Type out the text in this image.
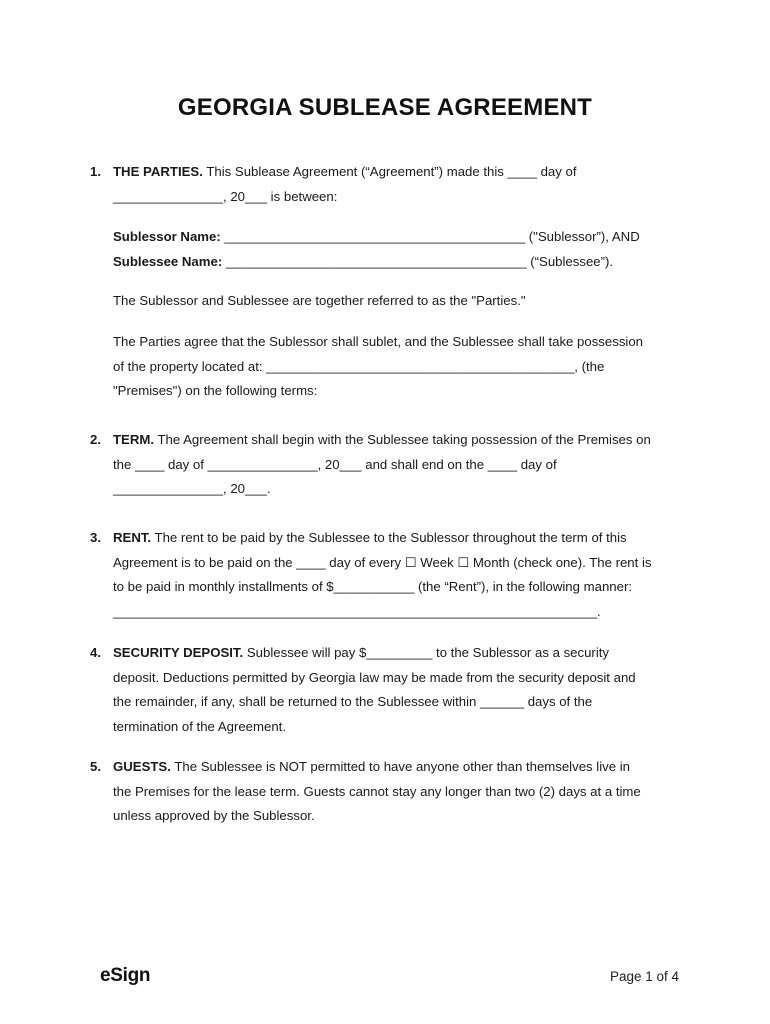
GEORGIA SUBLEASE AGREEMENT
1. THE PARTIES. This Sublease Agreement (“Agreement”) made this ____ day of
_______________, 20___ is between:
Sublessor Name: _________________________________________ ("Sublessor”), AND
Sublessee Name: _________________________________________ (“Sublessee”).
The Sublessor and Sublessee are together referred to as the "Parties."
The Parties agree that the Sublessor shall sublet, and the Sublessee shall take possession
of the property located at: __________________________________________, (the
"Premises") on the following terms:
2. TERM. The Agreement shall begin with the Sublessee taking possession of the Premises on
the ____ day of _______________, 20___ and shall end on the ____ day of
_______________, 20___.
3. RENT. The rent to be paid by the Sublessee to the Sublessor throughout the term of this
Agreement is to be paid on the ____ day of every ☐ Week ☐ Month (check one). The rent is
to be paid in monthly installments of $___________ (the “Rent”), in the following manner:
__________________________________________________________________.
4. SECURITY DEPOSIT. Sublessee will pay $_________ to the Sublessor as a security
deposit. Deductions permitted by Georgia law may be made from the security deposit and
the remainder, if any, shall be returned to the Sublessee within ______ days of the
termination of the Agreement.
5. GUESTS. The Sublessee is NOT permitted to have anyone other than themselves live in
the Premises for the lease term. Guests cannot stay any longer than two (2) days at a time
unless approved by the Sublessor.
eSign	Page 1 of 4
